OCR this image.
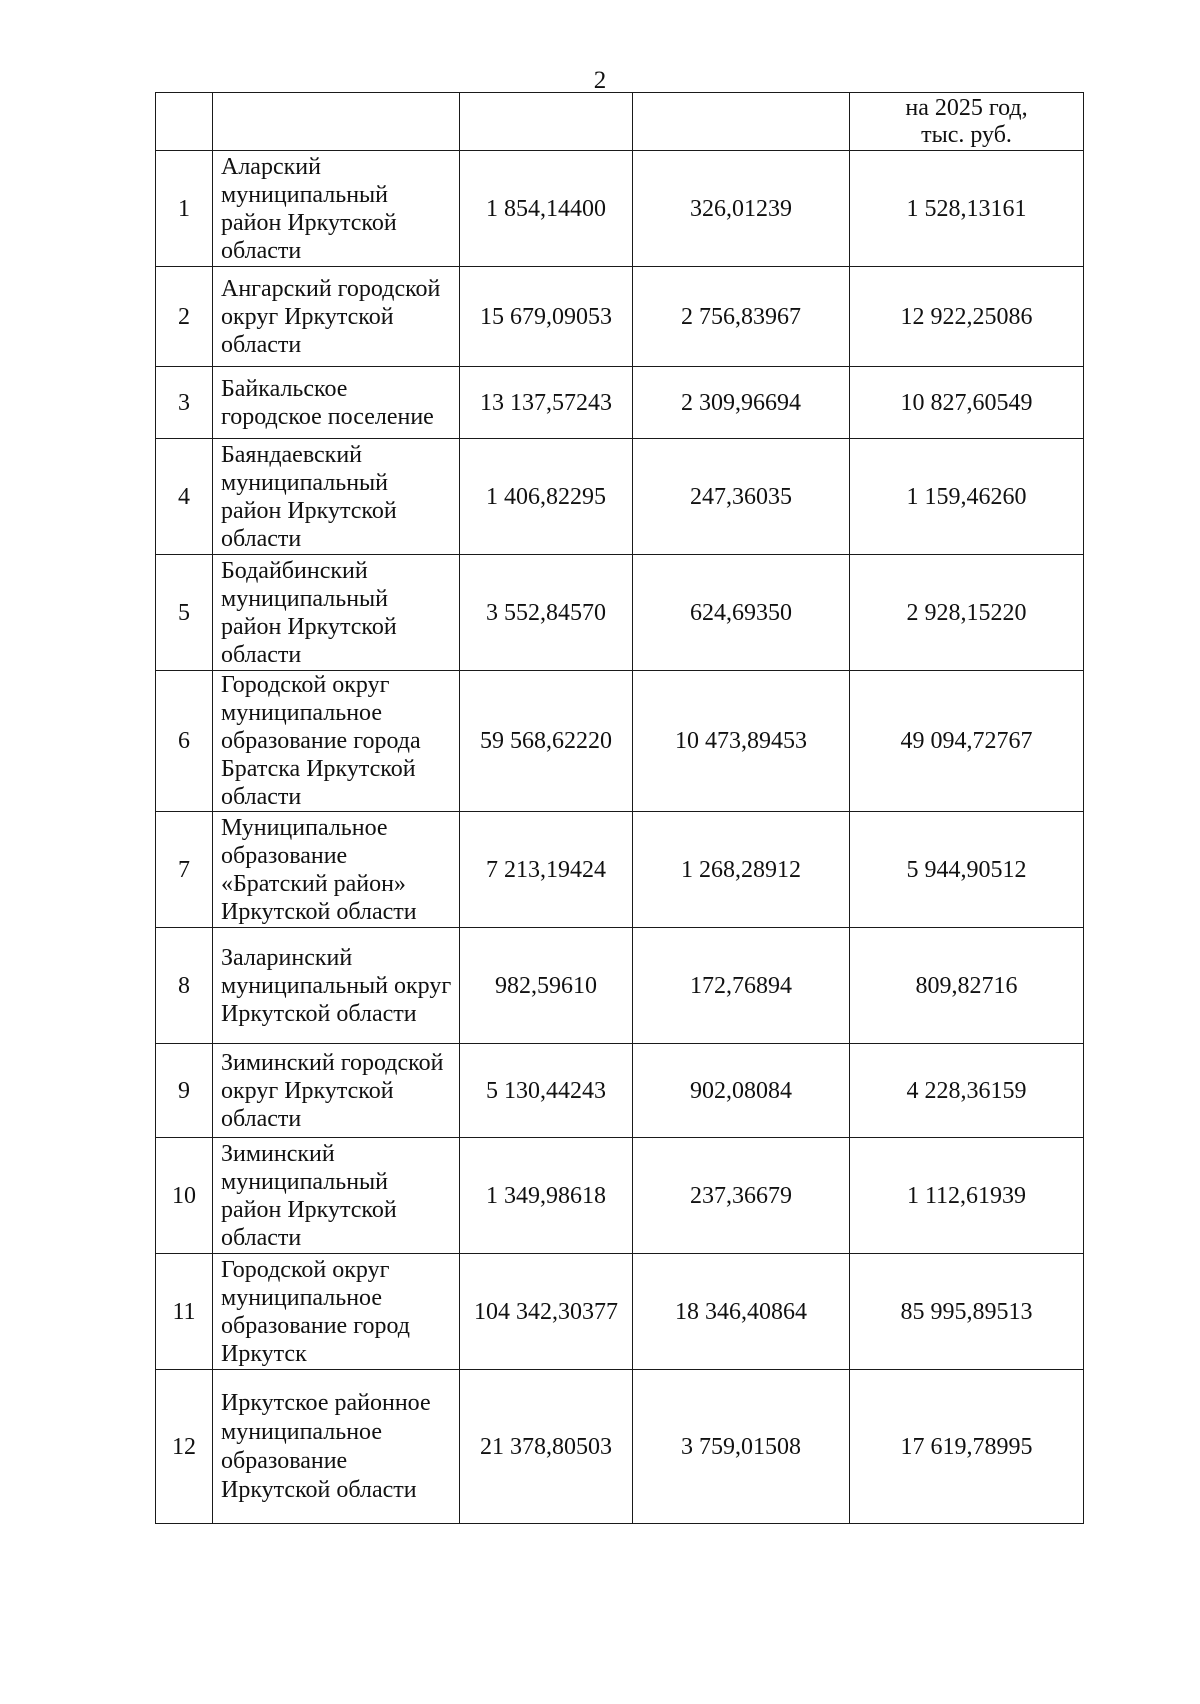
2

				на 2025 год,
тыс. руб.

1	Аларский муниципальный район Иркутской области	1 854,14400	326,01239	1 528,13161
2	Ангарский городской округ Иркутской области	15 679,09053	2 756,83967	12 922,25086
3	Байкальское городское поселение	13 137,57243	2 309,96694	10 827,60549
4	Баяндаевский муниципальный район Иркутской области	1 406,82295	247,36035	1 159,46260
5	Бодайбинский муниципальный район Иркутской области	3 552,84570	624,69350	2 928,15220
6	Городской округ муниципальное образование города Братска Иркутской области	59 568,62220	10 473,89453	49 094,72767
7	Муниципальное образование «Братский район» Иркутской области	7 213,19424	1 268,28912	5 944,90512
8	Заларинский муниципальный округ Иркутской области	982,59610	172,76894	809,82716
9	Зиминский городской округ Иркутской области	5 130,44243	902,08084	4 228,36159
10	Зиминский муниципальный район Иркутской области	1 349,98618	237,36679	1 112,61939
11	Городской округ муниципальное образование город Иркутск	104 342,30377	18 346,40864	85 995,89513
12	Иркутское районное муниципальное образование Иркутской области	21 378,80503	3 759,01508	17 619,78995
